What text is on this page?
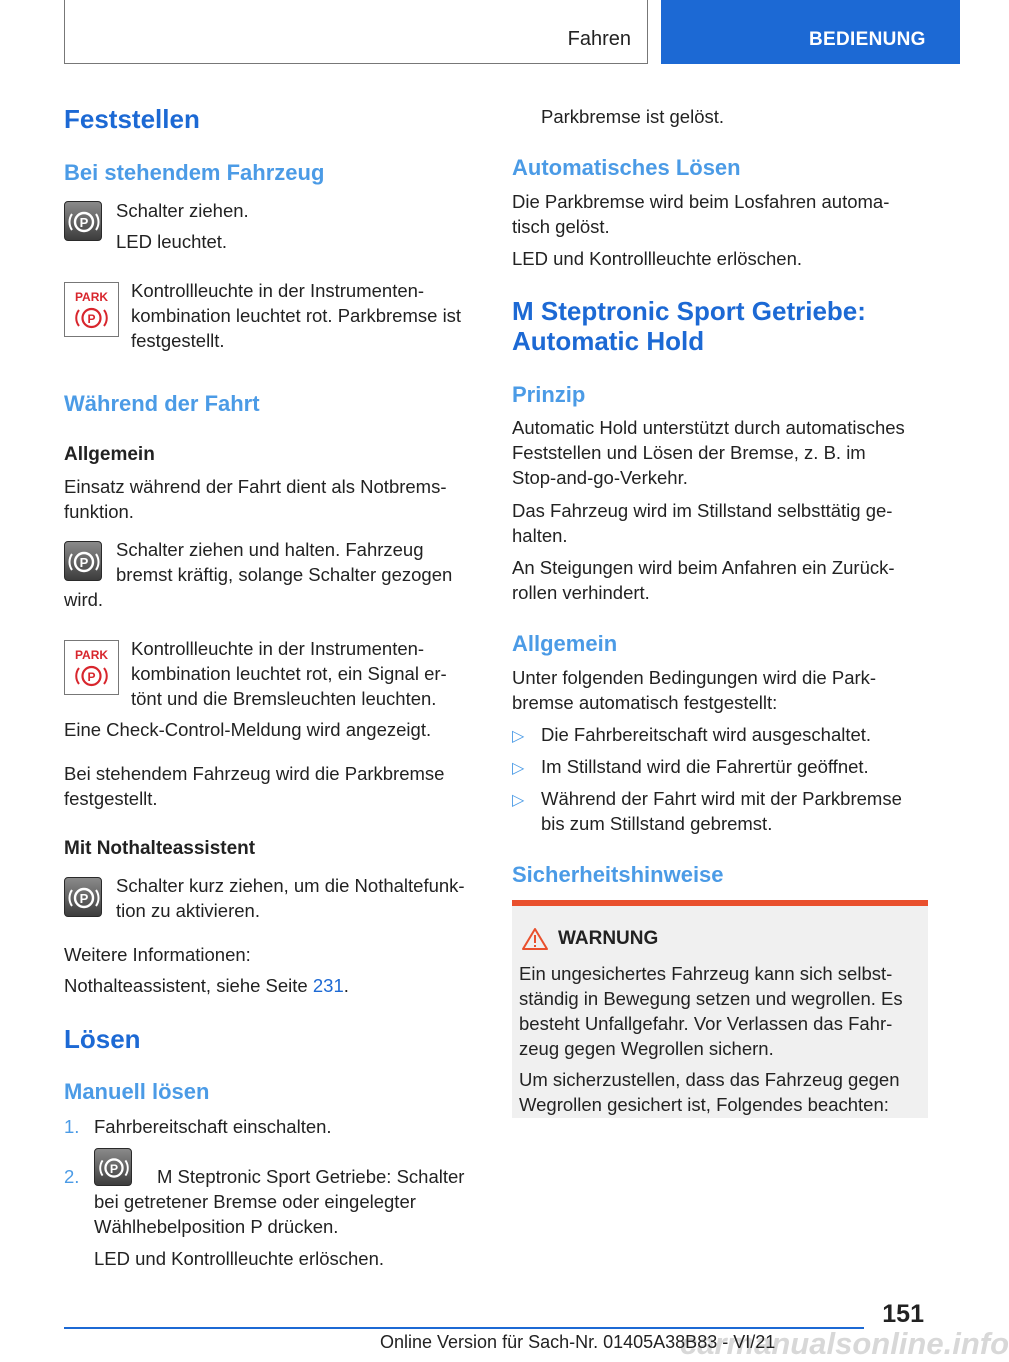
Fahren	BEDIENUNG
Feststellen
Bei stehendem Fahrzeug
P
Schalter ziehen.
LED leuchtet.
PARK
P
Kontrollleuchte in der Instrumenten-
kombination leuchtet rot. Parkbremse ist
festgestellt.
Während der Fahrt
Allgemein
Einsatz während der Fahrt dient als Notbrems-
funktion.
P
Schalter ziehen und halten. Fahrzeug
bremst kräftig, solange Schalter gezogen
wird.
PARK
P
Kontrollleuchte in der Instrumenten-
kombination leuchtet rot, ein Signal er-
tönt und die Bremsleuchten leuchten.
Eine Check-Control-Meldung wird angezeigt.
Bei stehendem Fahrzeug wird die Parkbremse
festgestellt.
Mit Nothalteassistent
P
Schalter kurz ziehen, um die Nothaltefunk-
tion zu aktivieren.
Weitere Informationen:
Nothalteassistent, siehe Seite 231.
Lösen
Manuell lösen
1. Fahrbereitschaft einschalten.
2. P M Steptronic Sport Getriebe: Schalter
bei getretener Bremse oder eingelegter
Wählhebelposition P drücken.
LED und Kontrollleuchte erlöschen.
Parkbremse ist gelöst.
Automatisches Lösen
Die Parkbremse wird beim Losfahren automa-
tisch gelöst.
LED und Kontrollleuchte erlöschen.
M Steptronic Sport Getriebe:
Automatic Hold
Prinzip
Automatic Hold unterstützt durch automatisches
Feststellen und Lösen der Bremse, z. B. im
Stop-and-go-Verkehr.
Das Fahrzeug wird im Stillstand selbsttätig ge-
halten.
An Steigungen wird beim Anfahren ein Zurück-
rollen verhindert.
Allgemein
Unter folgenden Bedingungen wird die Park-
bremse automatisch festgestellt:
▷ Die Fahrbereitschaft wird ausgeschaltet.
▷ Im Stillstand wird die Fahrertür geöffnet.
▷ Während der Fahrt wird mit der Parkbremse
bis zum Stillstand gebremst.
Sicherheitshinweise
WARNUNG
Ein ungesichertes Fahrzeug kann sich selbst-
ständig in Bewegung setzen und wegrollen. Es
besteht Unfallgefahr. Vor Verlassen das Fahr-
zeug gegen Wegrollen sichern.
Um sicherzustellen, dass das Fahrzeug gegen
Wegrollen gesichert ist, Folgendes beachten:
151
carmanualsonline.info
Online Version für Sach-Nr. 01405A38B83 - VI/21
